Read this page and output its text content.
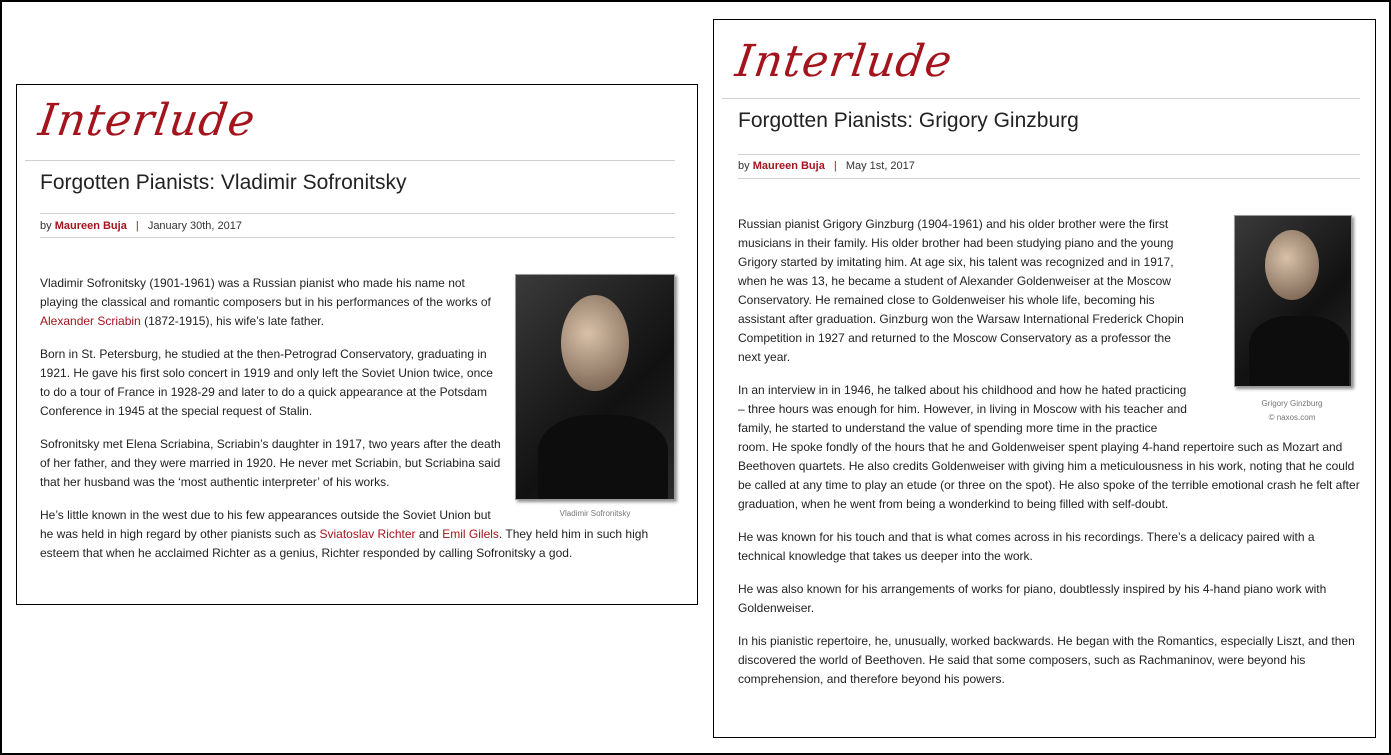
Interlude
Forgotten Pianists: Vladimir Sofronitsky
by Maureen Buja | January 30th, 2017
Vladimir Sofronitsky

Vladimir Sofronitsky (1901-1961) was a Russian pianist who made his name not playing the classical and romantic composers but in his performances of the works of Alexander Scriabin (1872-1915), his wife’s late father.

Born in St. Petersburg, he studied at the then-Petrograd Conservatory, graduating in 1921. He gave his first solo concert in 1919 and only left the Soviet Union twice, once to do a tour of France in 1928-29 and later to do a quick appearance at the Potsdam Conference in 1945 at the special request of Stalin.

Sofronitsky met Elena Scriabina, Scriabin’s daughter in 1917, two years after the death of her father, and they were married in 1920. He never met Scriabin, but Scriabina said that her husband was the ‘most authentic interpreter’ of his works.

He’s little known in the west due to his few appearances outside the Soviet Union but he was held in high regard by other pianists such as Sviatoslav Richter and Emil Gilels. They held him in such high esteem that when he acclaimed Richter as a genius, Richter responded by calling Sofronitsky a god.

Interlude
Forgotten Pianists: Grigory Ginzburg
by Maureen Buja | May 1st, 2017
Grigory Ginzburg
© naxos.com

Russian pianist Grigory Ginzburg (1904-1961) and his older brother were the first musicians in their family. His older brother had been studying piano and the young Grigory started by imitating him. At age six, his talent was recognized and in 1917, when he was 13, he became a student of Alexander Goldenweiser at the Moscow Conservatory. He remained close to Goldenweiser his whole life, becoming his assistant after graduation. Ginzburg won the Warsaw International Frederick Chopin Competition in 1927 and returned to the Moscow Conservatory as a professor the next year.

In an interview in in 1946, he talked about his childhood and how he hated practicing – three hours was enough for him. However, in living in Moscow with his teacher and family, he started to understand the value of spending more time in the practice room. He spoke fondly of the hours that he and Goldenweiser spent playing 4-hand repertoire such as Mozart and Beethoven quartets. He also credits Goldenweiser with giving him a meticulousness in his work, noting that he could be called at any time to play an etude (or three on the spot). He also spoke of the terrible emotional crash he felt after graduation, when he went from being a wonderkind to being filled with self-doubt.

He was known for his touch and that is what comes across in his recordings. There’s a delicacy paired with a technical knowledge that takes us deeper into the work.

He was also known for his arrangements of works for piano, doubtlessly inspired by his 4-hand piano work with Goldenweiser.

In his pianistic repertoire, he, unusually, worked backwards. He began with the Romantics, especially Liszt, and then discovered the world of Beethoven. He said that some composers, such as Rachmaninov, were beyond his comprehension, and therefore beyond his powers.
